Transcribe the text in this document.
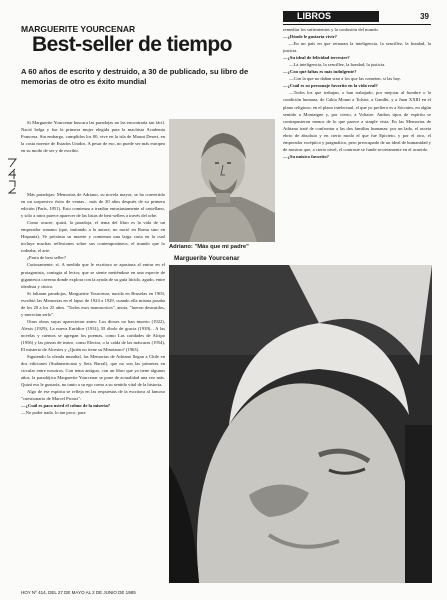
LIBROS	39
MARGUERITE YOURCENAR
Best-seller de tiempo
A 60 años de escrito y destruido, a 30 de publicado, su libro de memorias de otro es éxito mundial

Si Marguerite Yourcenar buscara las paradojas no las encontraría tan fácil. Nació belga y fue la primera mujer elegida para la machista Academia Francesa. Sin embargo, cumplidos los 80, vive en la isla de Mount Desert, en la costa noreste de Estados Unidos. A pesar de eso, no puede ser más europea en su modo de ser y de escribir.

Más paradojas: Memorias de Adriano, su novela mayor, se ha convertido en un sorpresivo éxito de ventas... más de 30 años después de su primera edición (París, 1951). Esto comienza a irradiar entusiastamente al castellano, y sólo a ratos parece aparecer de las listas de best-sellers a través del orbe.

Como ocurre, quizá, la paradoja, el tema del libro es la vida de un emperador romano (que, imitando a la autora, no nació en Roma sino en Hispania). Ve próxima su muerte y comienza una larga carta en la cual incluye muchas reflexiones sobre sus contemporáneos, el mundo que lo rodeaba, el arte.

¿Pasta de best seller?

Curiosamente, sí. A medida que le escritora se apasiona al entrar en el protagonista, contagia al lector, que se siente metiéndose en una especie de gigantesca caverna donde explora con la ayuda de su guía lúcido, agudo, entre idealista y cínico.

Si faltaran paradojas, Marguerite Yourcenar, nacida en Bruselas en 1903, escribió las Memorias en el lapso de 1924 a 1929, cuando ella misma pasaba de los 20 a los 25 años. "Todos esos manuscritos", anota, "fueron destruidos, y merecían serlo".

Otras obras suyas aparecieron antes: Los dioses no han muerto (1922), Alexis (1929), La nueva Euridice (1931), El óbolo de gracia (1939)... A las novelas y cuentos se agregan los poemas, como Las caridades de Alcipo (1956) y las piezas de teatro, como Electra, o la caída de las máscaras (1954), El misterio de Alcestes y ¿Quién no tiene su Minotauro? (1963).

Siguiendo la oleada mundial, las Memorias de Adriano llegan a Chile en dos ediciones (Sudamericana y Seix Barral), que no son las primeras en circular entre nosotros. Con tema antiguo, con un libro que ya tiene algunos años, la paradójica Marguerite Yourcenar se pone de actualidad una vez más. Quizá eso le gustaría, no tanto a su ego como a su sentido vital de la historia.

Algo de ese espíritu se refleja en las respuestas de la escritora al famoso "cuestionario de Marcel Proust":

—¿Cuál es para usted el colmo de la miseria?

—No poder nada, lo tan poco, para

Adriano: "Más que mi padre"

remediar los sufrimientos y la confusión del mundo.

—¿Dónde le gustaría vivir?

—En un país en que reinaran la inteligencia, la sencillez, la bondad, la justicia.

—¿Su ideal de felicidad terrestre?

—La inteligencia, la sencillez, la bondad, la justicia.

—¿Con qué faltas es más indulgente?

—Con la que no dañan sino a los que las cometen, si las hay.

—¿Cuál es su personaje favorito en la vida real?

—Todos los que trabajan, o han trabajado, por mejorar al hombre o la condición humana, de Cakia Mouni a Tolstoi, a Gandhi, y a Juan XXIII en el plano religioso; en el plano intelectual, el que yo prefiero es a Sócrates, en algún sentido a Montaigne y, por cierto, a Voltaire. Ambos tipos de espíritu se contrapusieron menos de lo que parece a simple vista. En las Memorias de Adriano traté de confrontar a las dos familias humanas: por un lado, el asceta ebrio de absoluto y en cierto modo el que fue Epicteto, y por el otro, el emperador escéptico y pragmático, pero preocupado de un ideal de humanidad y de mostrar que, a cierto nivel, el contraste se funde secretamente en el acuerdo.

—¿Su músico favorito?

Marguerite Yourcenar
HOY Nº 414, DEL 27 DE MAYO AL 2 DE JUNIO DE 1985
